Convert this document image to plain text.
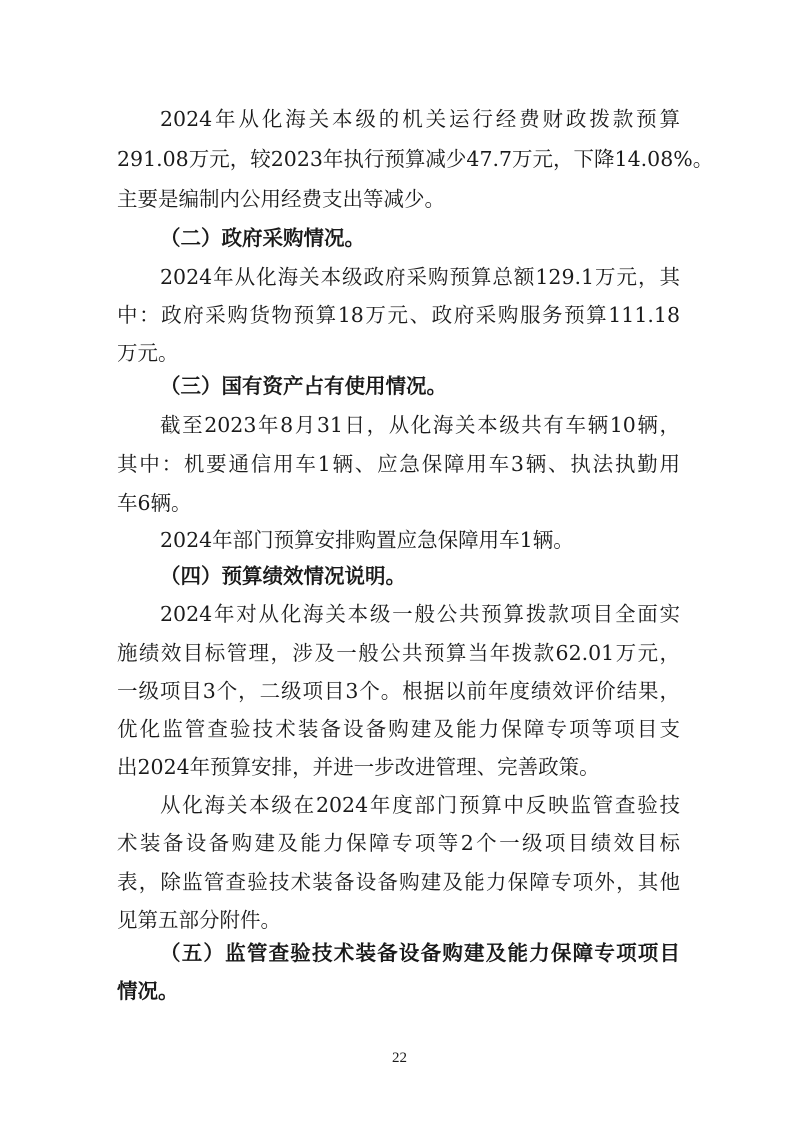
2024年从化海关本级的机关运行经费财政拨款预算
291.08万元，较2023年执行预算减少47.7万元，下降14.08%。
主要是编制内公用经费支出等减少。
（二）政府采购情况。
2024年从化海关本级政府采购预算总额129.1万元，其
中：政府采购货物预算18万元、政府采购服务预算111.18
万元。
（三）国有资产占有使用情况。
截至2023年8月31日，从化海关本级共有车辆10辆，
其中：机要通信用车1辆、应急保障用车3辆、执法执勤用
车6辆。
2024年部门预算安排购置应急保障用车1辆。
（四）预算绩效情况说明。
2024年对从化海关本级一般公共预算拨款项目全面实
施绩效目标管理，涉及一般公共预算当年拨款62.01万元，
一级项目3个，二级项目3个。根据以前年度绩效评价结果，
优化监管查验技术装备设备购建及能力保障专项等项目支
出2024年预算安排，并进一步改进管理、完善政策。
从化海关本级在2024年度部门预算中反映监管查验技
术装备设备购建及能力保障专项等2个一级项目绩效目标
表，除监管查验技术装备设备购建及能力保障专项外，其他
见第五部分附件。
（五）监管查验技术装备设备购建及能力保障专项项目
情况。
22
